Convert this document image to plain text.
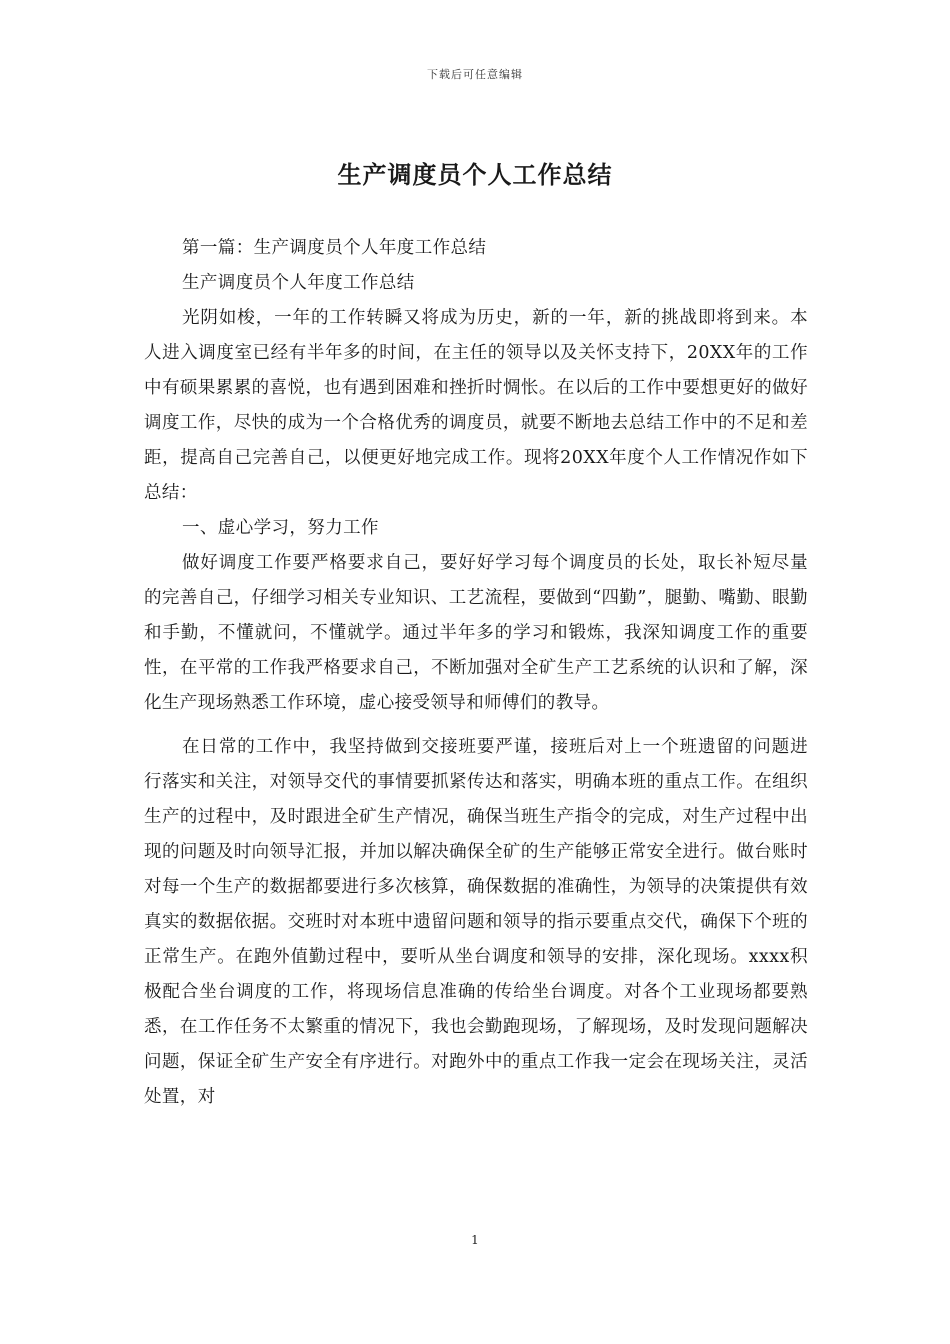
下载后可任意编辑
生产调度员个人工作总结

第一篇：生产调度员个人年度工作总结

生产调度员个人年度工作总结

光阴如梭，一年的工作转瞬又将成为历史，新的一年，新的挑战即将到来。本人进入调度室已经有半年多的时间，在主任的领导以及关怀支持下，20XX年的工作中有硕果累累的喜悦，也有遇到困难和挫折时惆怅。在以后的工作中要想更好的做好调度工作，尽快的成为一个合格优秀的调度员，就要不断地去总结工作中的不足和差距，提高自己完善自己，以便更好地完成工作。现将20XX年度个人工作情况作如下总结：

一、虚心学习，努力工作

做好调度工作要严格要求自己，要好好学习每个调度员的长处，取长补短尽量的完善自己，仔细学习相关专业知识、工艺流程，要做到“四勤”，腿勤、嘴勤、眼勤和手勤，不懂就问，不懂就学。通过半年多的学习和锻炼，我深知调度工作的重要性，在平常的工作我严格要求自己，不断加强对全矿生产工艺系统的认识和了解，深化生产现场熟悉工作环境，虚心接受领导和师傅们的教导。

在日常的工作中，我坚持做到交接班要严谨，接班后对上一个班遗留的问题进行落实和关注，对领导交代的事情要抓紧传达和落实，明确本班的重点工作。在组织生产的过程中，及时跟进全矿生产情况，确保当班生产指令的完成，对生产过程中出现的问题及时向领导汇报，并加以解决确保全矿的生产能够正常安全进行。做台账时对每一个生产的数据都要进行多次核算，确保数据的准确性，为领导的决策提供有效真实的数据依据。交班时对本班中遗留问题和领导的指示要重点交代，确保下个班的正常生产。在跑外值勤过程中，要听从坐台调度和领导的安排，深化现场。xxxx积极配合坐台调度的工作，将现场信息准确的传给坐台调度。对各个工业现场都要熟悉，在工作任务不太繁重的情况下，我也会勤跑现场，了解现场，及时发现问题解决问题，保证全矿生产安全有序进行。对跑外中的重点工作我一定会在现场关注，灵活处置，对

1
